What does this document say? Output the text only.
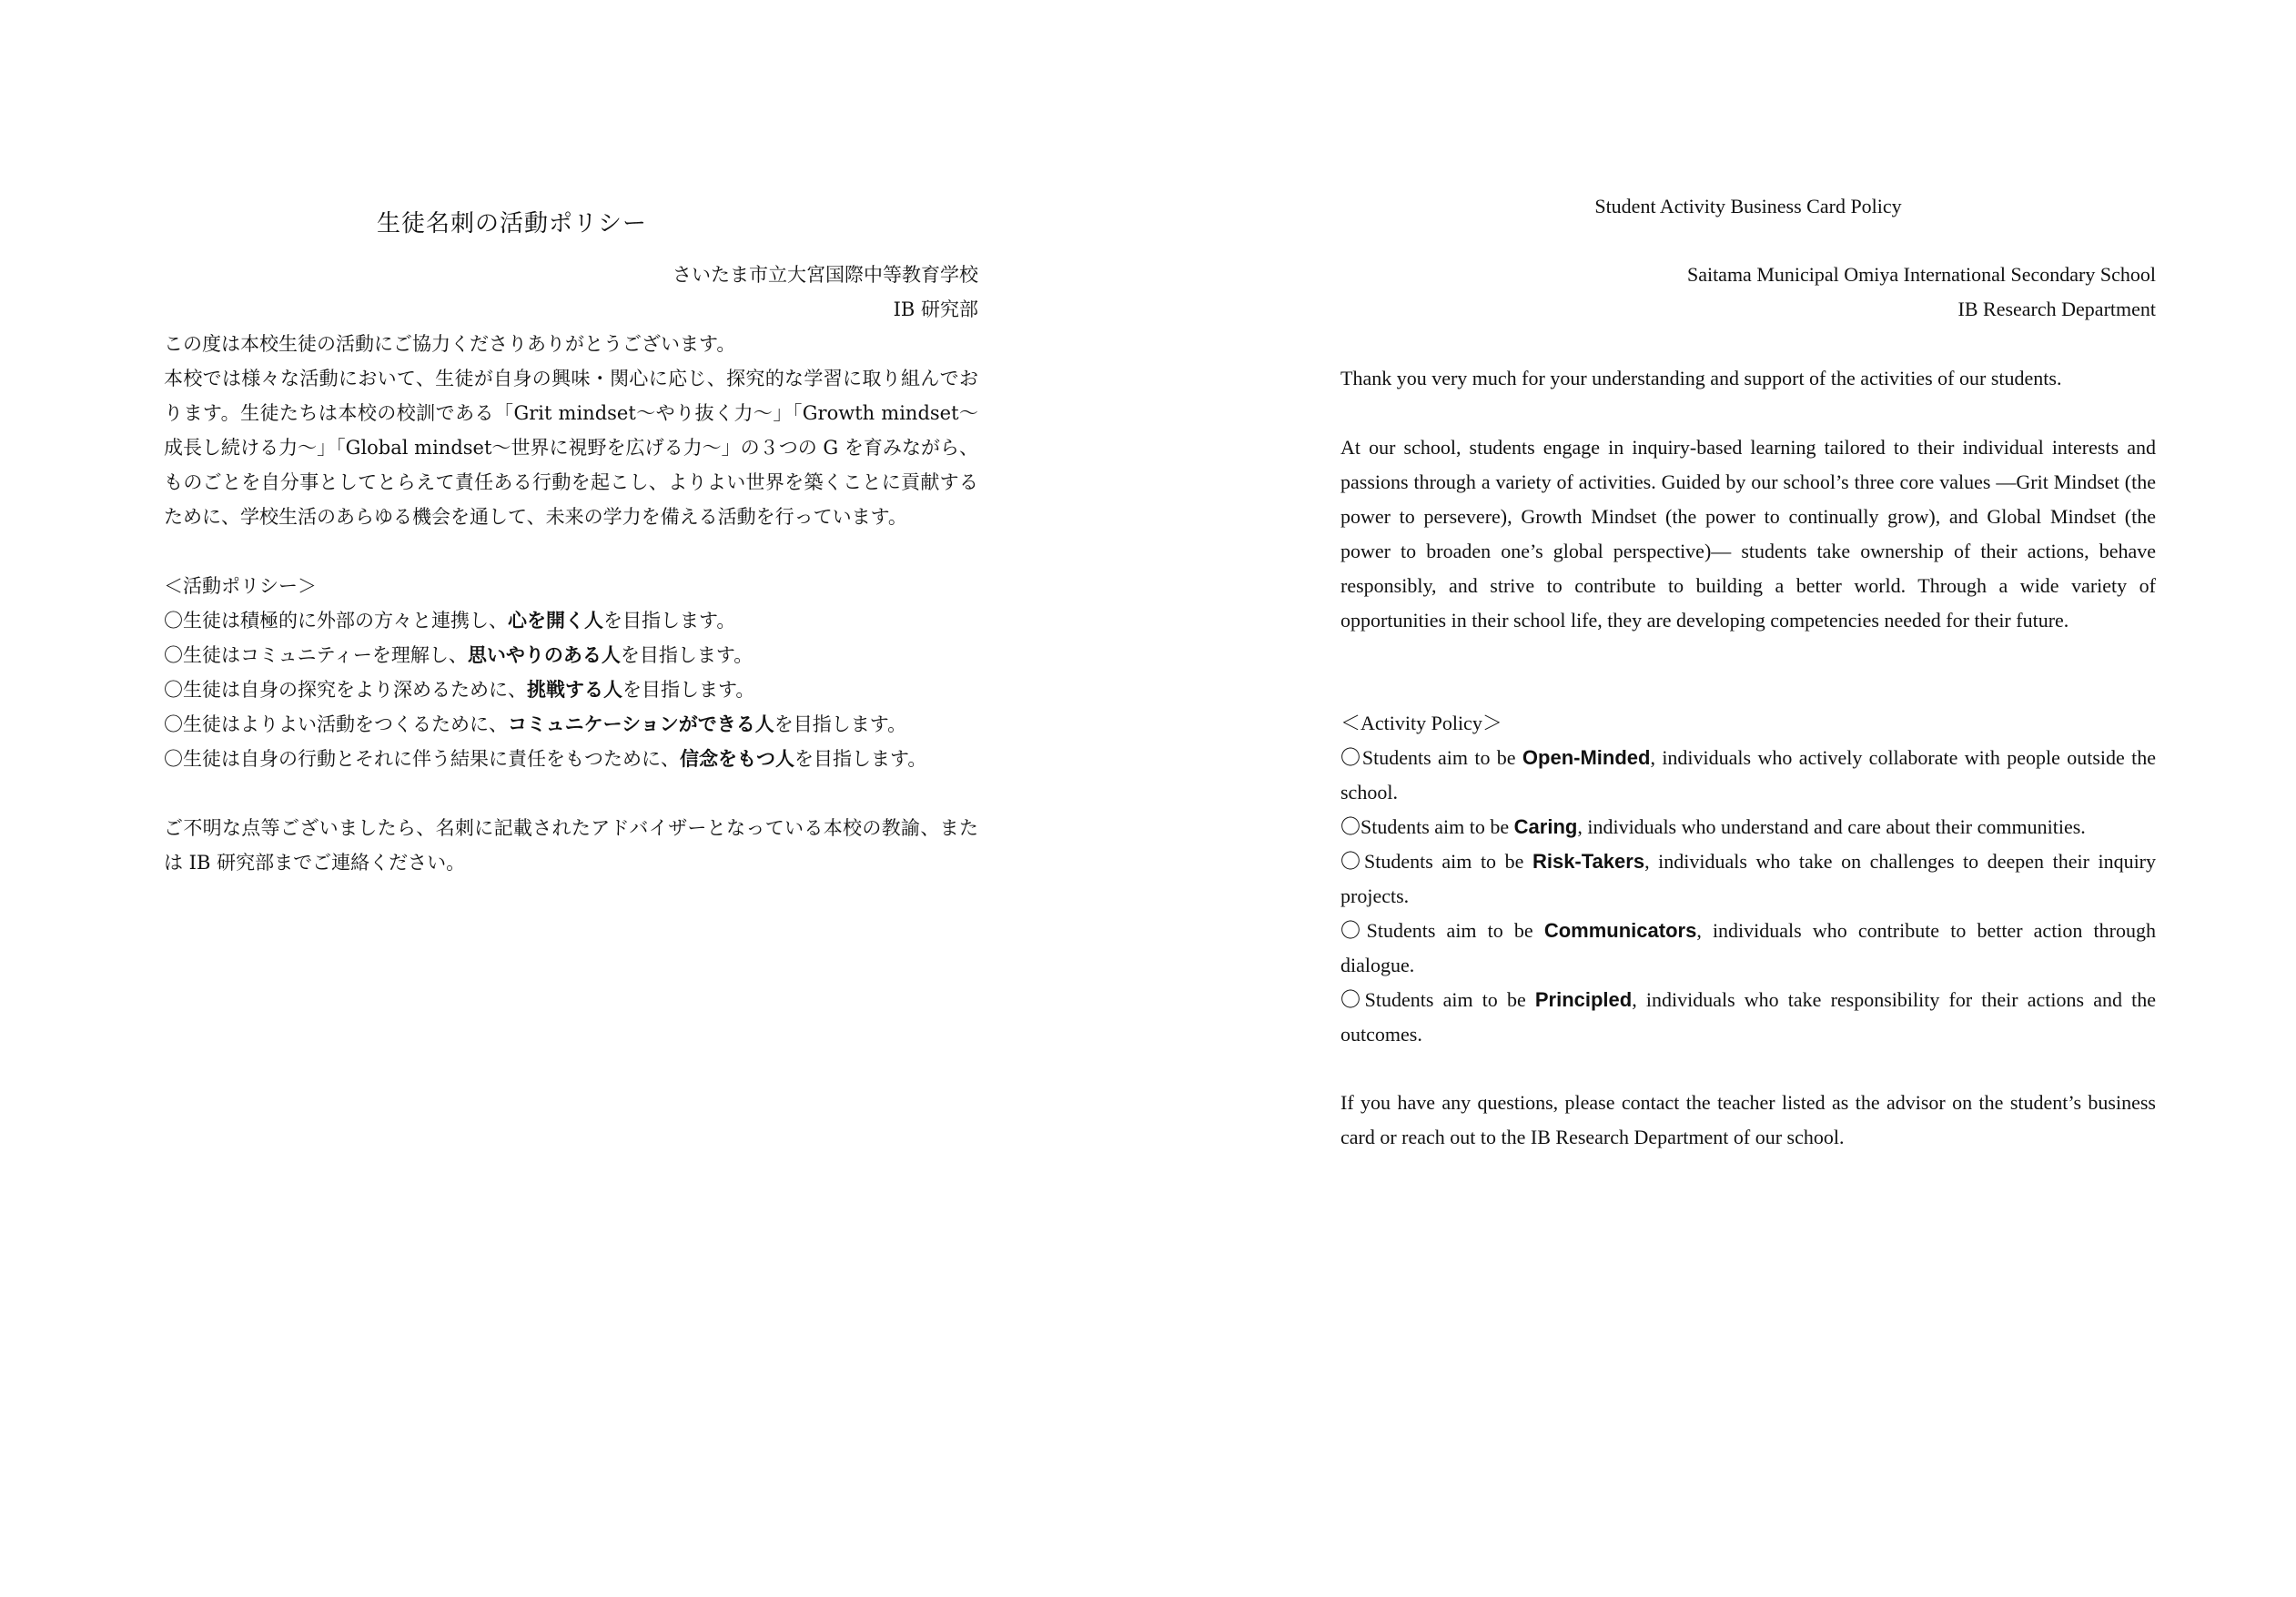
生徒名刺の活動ポリシー
さいたま市立大宮国際中等教育学校
IB 研究部

この度は本校生徒の活動にご協力くださりありがとうございます。

本校では様々な活動において、生徒が自身の興味・関心に応じ、探究的な学習に取り組んでおります。生徒たちは本校の校訓である「Grit mindset〜やり抜く力〜」「Growth mindset〜成長し続ける力〜」「Global mindset〜世界に視野を広げる力〜」の３つの G を育みながら、ものごとを自分事としてとらえて責任ある行動を起こし、よりよい世界を築くことに貢献するために、学校生活のあらゆる機会を通して、未来の学力を備える活動を行っています。

＜活動ポリシー＞

〇生徒は積極的に外部の方々と連携し、心を開く人を目指します。
〇生徒はコミュニティーを理解し、思いやりのある人を目指します。
〇生徒は自身の探究をより深めるために、挑戦する人を目指します。
〇生徒はよりよい活動をつくるために、コミュニケーションができる人を目指します。
〇生徒は自身の行動とそれに伴う結果に責任をもつために、信念をもつ人を目指します。

ご不明な点等ございましたら、名刺に記載されたアドバイザーとなっている本校の教諭、または IB 研究部までご連絡ください。

Student Activity Business Card Policy
Saitama Municipal Omiya International Secondary School
IB Research Department

Thank you very much for your understanding and support of the activities of our students.

At our school, students engage in inquiry-based learning tailored to their individual interests and passions through a variety of activities. Guided by our school’s three core values —Grit Mindset (the power to persevere), Growth Mindset (the power to continually grow), and Global Mindset (the power to broaden one’s global perspective)— students take ownership of their actions, behave responsibly, and strive to contribute to building a better world. Through a wide variety of opportunities in their school life, they are developing competencies needed for their future.

＜Activity Policy＞

〇Students aim to be Open-Minded, individuals who actively collaborate with people outside the school.
〇Students aim to be Caring, individuals who understand and care about their communities.
〇Students aim to be Risk-Takers, individuals who take on challenges to deepen their inquiry projects.
〇Students aim to be Communicators, individuals who contribute to better action through dialogue.
〇Students aim to be Principled, individuals who take responsibility for their actions and the outcomes.

If you have any questions, please contact the teacher listed as the advisor on the student’s business card or reach out to the IB Research Department of our school.
